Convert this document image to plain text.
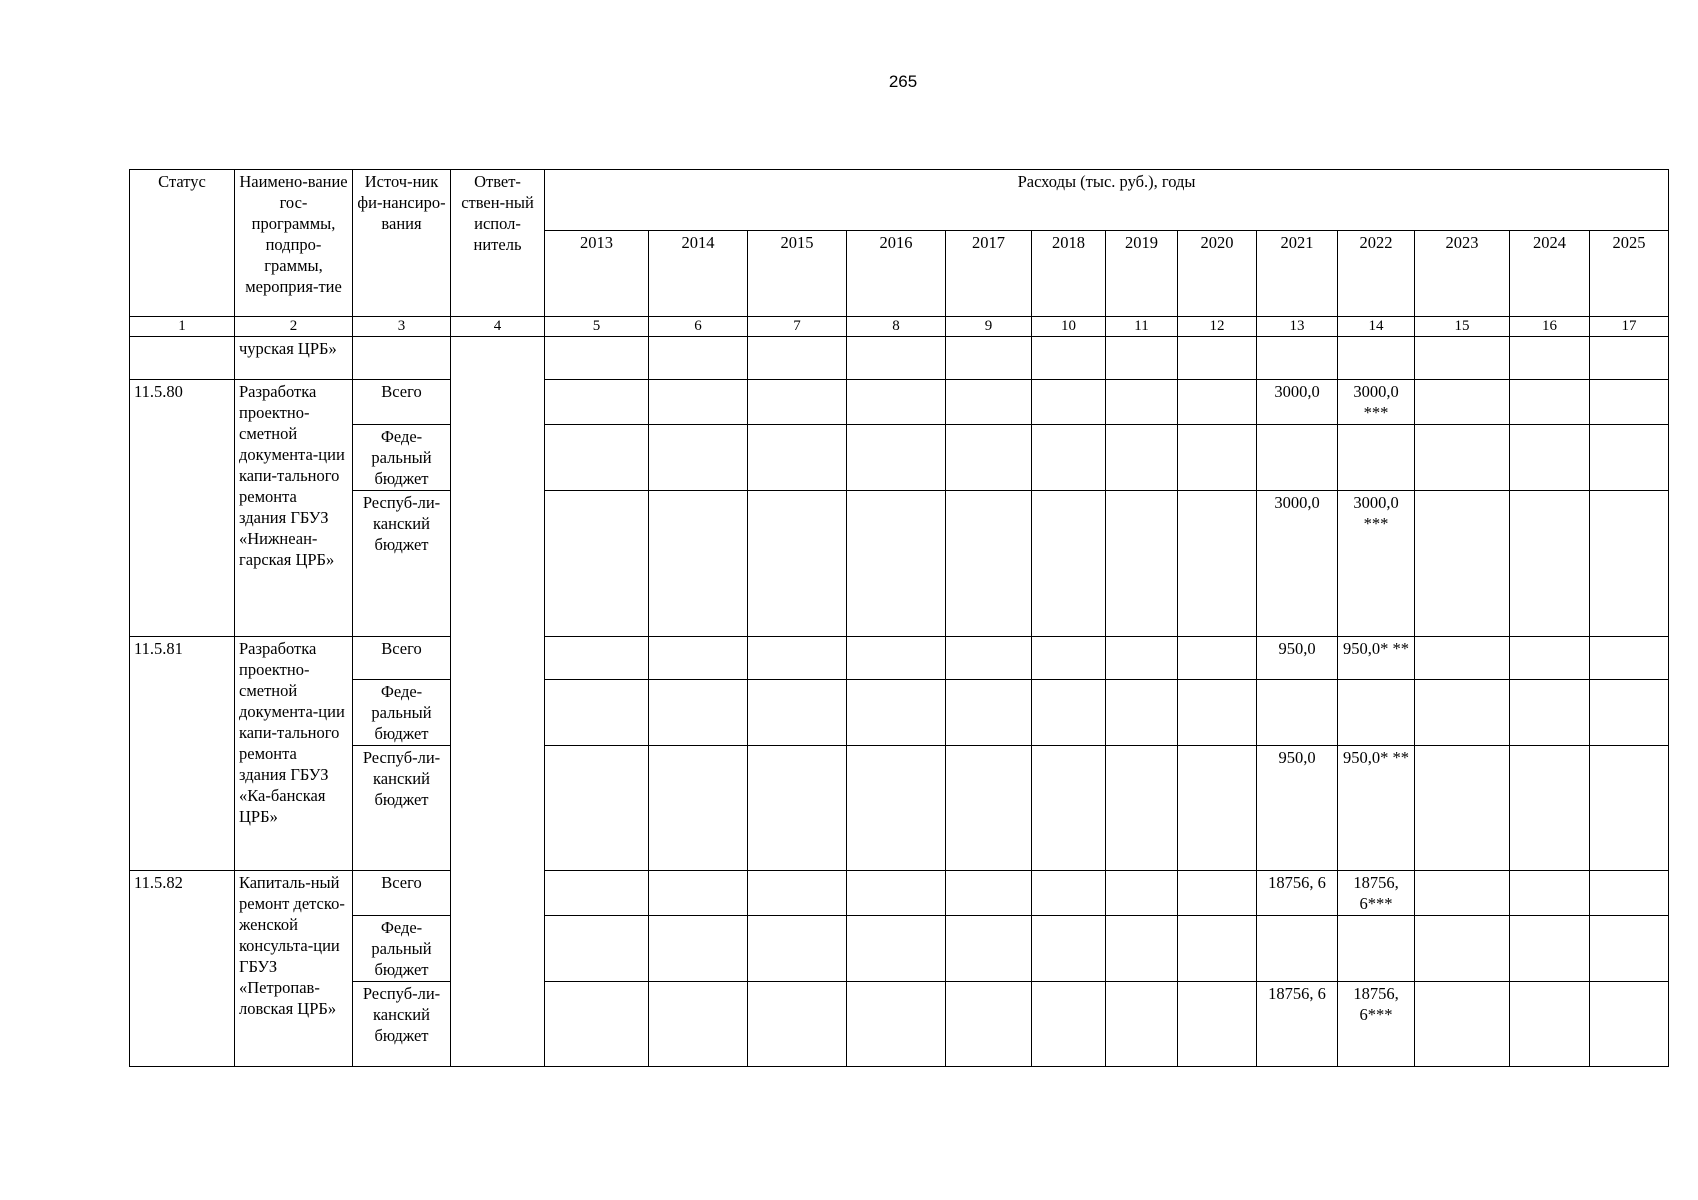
265
Статус	Наимено-вание гос-программы, подпро-граммы, мероприя-тие	Источ-ник фи-нансиро-вания	Ответ-ствен-ный испол-нитель	Расходы (тыс. руб.), годы												
				2013	2014	2015	2016	2017	2018	2019	2020	2021	2022	2023	2024	2025
1	2	3	4	5	6	7	8	9	10	11	12	13	14	15	16	17
	чурская ЦРБ»															
11.5.80	Разработка проектно-сметной документа-ции капи-тального ремонта здания ГБУЗ «Нижнеан-гарская ЦРБ»	Всего										3000,0	3000,0 ***			
		Феде-ральный бюджет														
		Респуб-ли-канский бюджет										3000,0	3000,0 ***			
11.5.81	Разработка проектно-сметной документа-ции капи-тального ремонта здания ГБУЗ «Ка-банская ЦРБ»	Всего										950,0	950,0* **			
		Феде-ральный бюджет														
		Респуб-ли-канский бюджет										950,0	950,0* **			
11.5.82	Капиталь-ный ремонт детско-женской консульта-ции ГБУЗ «Петропав-ловская ЦРБ»	Всего										18756, 6	18756, 6***			
		Феде-ральный бюджет														
		Респуб-ли-канский бюджет										18756, 6	18756, 6***			
